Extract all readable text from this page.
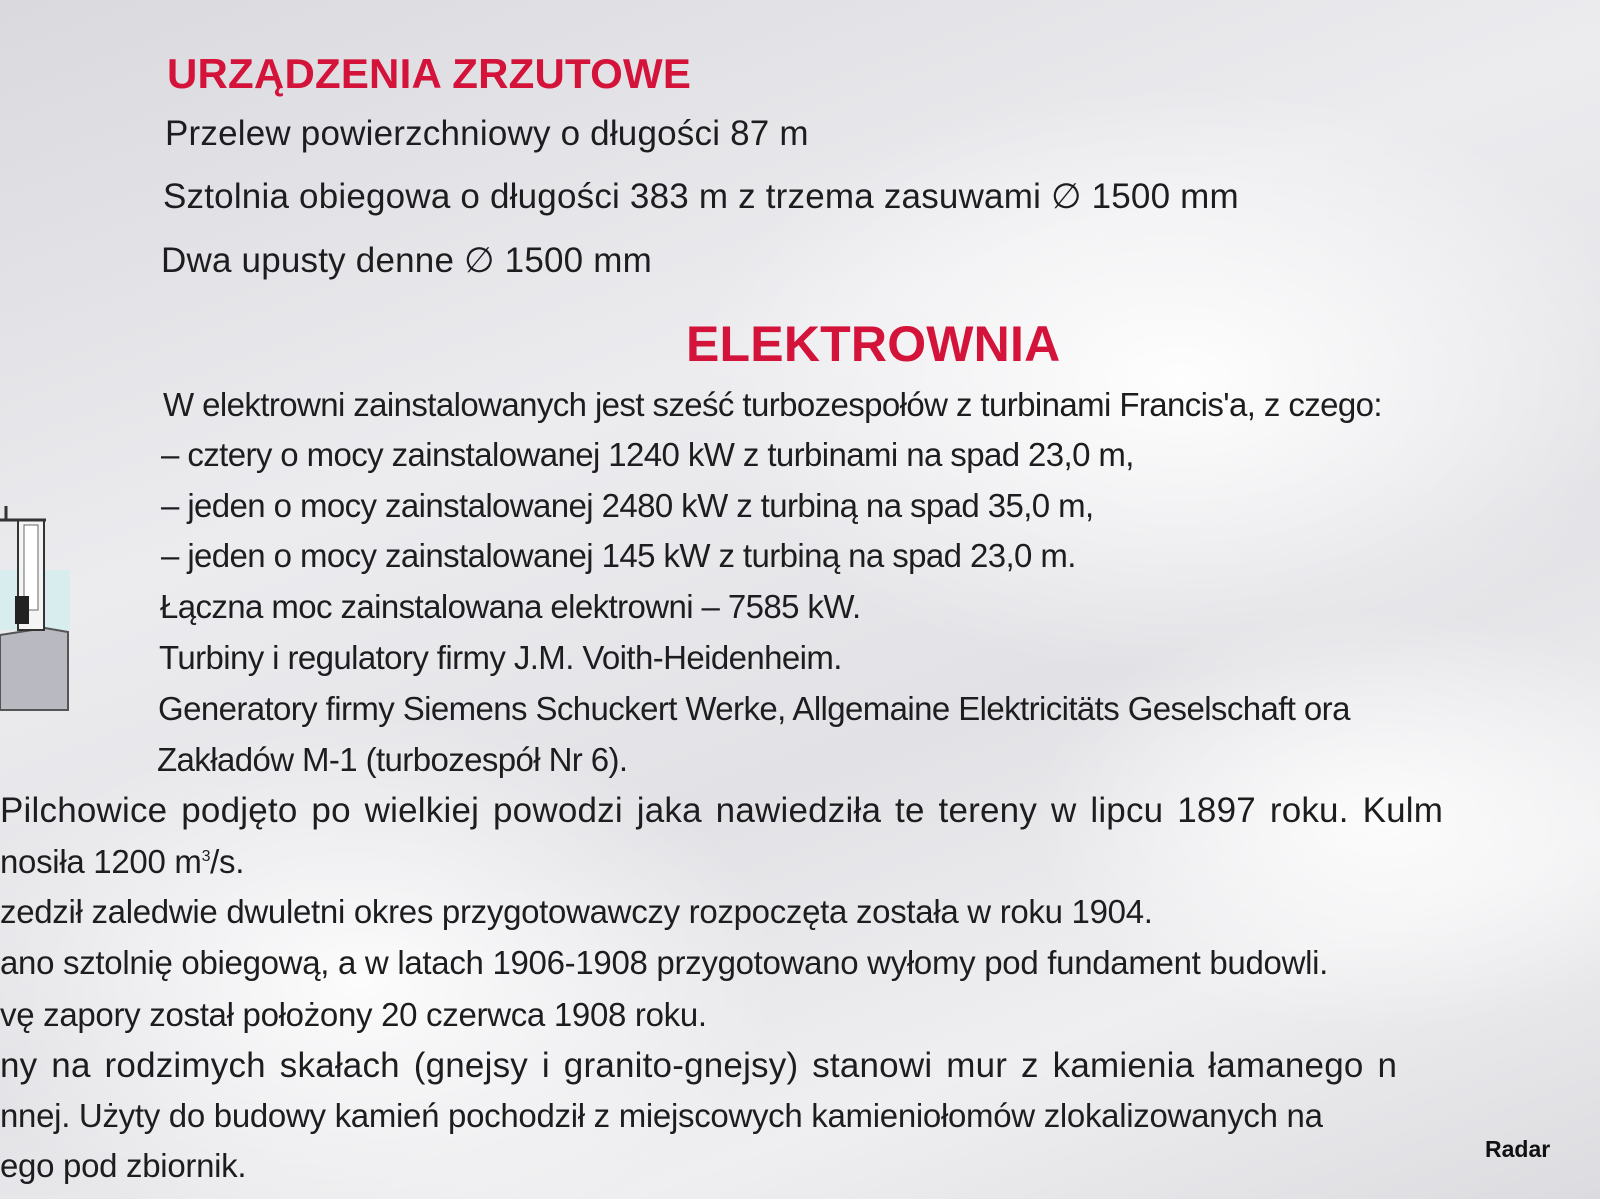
URZĄDZENIA ZRZUTOWE
Przelew powierzchniowy o długości 87 m
Sztolnia obiegowa o długości 383 m z trzema zasuwami ∅ 1500 mm
Dwa upusty denne ∅ 1500 mm
ELEKTROWNIA
W elektrowni zainstalowanych jest sześć turbozespołów z turbinami Francis'a, z czego:
– cztery o mocy zainstalowanej 1240 kW z turbinami na spad 23,0 m,
– jeden o mocy zainstalowanej 2480 kW z turbiną na spad 35,0 m,
– jeden o mocy zainstalowanej 145 kW z turbiną na spad 23,0 m.
Łączna moc zainstalowana elektrowni – 7585 kW.
Turbiny i regulatory firmy J.M. Voith-Heidenheim.
Generatory firmy Siemens Schuckert Werke, Allgemaine Elektricitäts Geselschaft ora
Zakładów M-1 (turbozespół Nr 6).
Pilchowice podjęto po wielkiej powodzi jaka nawiedziła te tereny w lipcu 1897 roku. Kulm
nosiła 1200 $m^3/s$.
zedził zaledwie dwuletni okres przygotowawczy rozpoczęta została w roku 1904.
ano sztolnię obiegową, a w latach 1906-1908 przygotowano wyłomy pod fundament budowli.
vę zapory został położony 20 czerwca 1908 roku.
ny na rodzimych skałach (gnejsy i granito-gnejsy) stanowi mur z kamienia łamanego n
nnej. Użyty do budowy kamień pochodził z miejscowych kamieniołomów zlokalizowanych na
ego pod zbiornik.	Radar
